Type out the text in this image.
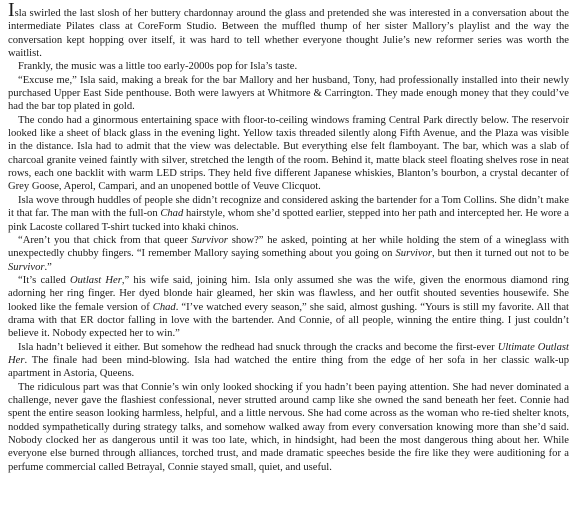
Isla swirled the last slosh of her buttery chardonnay around the glass and pretended she was interested in a conversation about the intermediate Pilates class at CoreForm Studio. Between the muffled thump of her sister Mallory’s playlist and the way the conversation kept hopping over itself, it was hard to tell whether everyone thought Julie’s new reformer series was worth the waitlist.

Frankly, the music was a little too early-2000s pop for Isla’s taste.

“Excuse me,” Isla said, making a break for the bar Mallory and her husband, Tony, had professionally installed into their newly purchased Upper East Side penthouse. Both were lawyers at Whitmore & Carrington. They made enough money that they could’ve had the bar top plated in gold.

The condo had a ginormous entertaining space with floor-to-ceiling windows framing Central Park directly below. The reservoir looked like a sheet of black glass in the evening light. Yellow taxis threaded silently along Fifth Avenue, and the Plaza was visible in the distance. Isla had to admit that the view was delectable. But everything else felt flamboyant. The bar, which was a slab of charcoal granite veined faintly with silver, stretched the length of the room. Behind it, matte black steel floating shelves rose in neat rows, each one backlit with warm LED strips. They held five different Japanese whiskies, Blanton’s bourbon, a crystal decanter of Grey Goose, Aperol, Campari, and an unopened bottle of Veuve Clicquot.

Isla wove through huddles of people she didn’t recognize and considered asking the bartender for a Tom Collins. She didn’t make it that far. The man with the full-on Chad hairstyle, whom she’d spotted earlier, stepped into her path and intercepted her. He wore a pink Lacoste collared T-shirt tucked into khaki chinos.

“Aren’t you that chick from that queer Survivor show?” he asked, pointing at her while holding the stem of a wineglass with unexpectedly chubby fingers. “I remember Mallory saying something about you going on Survivor, but then it turned out not to be Survivor.”

“It’s called Outlast Her,” his wife said, joining him. Isla only assumed she was the wife, given the enormous diamond ring adorning her ring finger. Her dyed blonde hair gleamed, her skin was flawless, and her outfit shouted seventies housewife. She looked like the female version of Chad. “I’ve watched every season,” she said, almost gushing. “Yours is still my favorite. All that drama with that ER doctor falling in love with the bartender. And Connie, of all people, winning the entire thing. I just couldn’t believe it. Nobody expected her to win.”

Isla hadn’t believed it either. But somehow the redhead had snuck through the cracks and become the first-ever Ultimate Outlast Her. The finale had been mind-blowing. Isla had watched the entire thing from the edge of her sofa in her classic walk-up apartment in Astoria, Queens.

The ridiculous part was that Connie’s win only looked shocking if you hadn’t been paying attention. She had never dominated a challenge, never gave the flashiest confessional, never strutted around camp like she owned the sand beneath her feet. Connie had spent the entire season looking harmless, helpful, and a little nervous. She had come across as the woman who re-tied shelter knots, nodded sympathetically during strategy talks, and somehow walked away from every conversation knowing more than she’d said. Nobody clocked her as dangerous until it was too late, which, in hindsight, had been the most dangerous thing about her. While everyone else burned through alliances, torched trust, and made dramatic speeches beside the fire like they were auditioning for a perfume commercial called Betrayal, Connie stayed small, quiet, and useful.
